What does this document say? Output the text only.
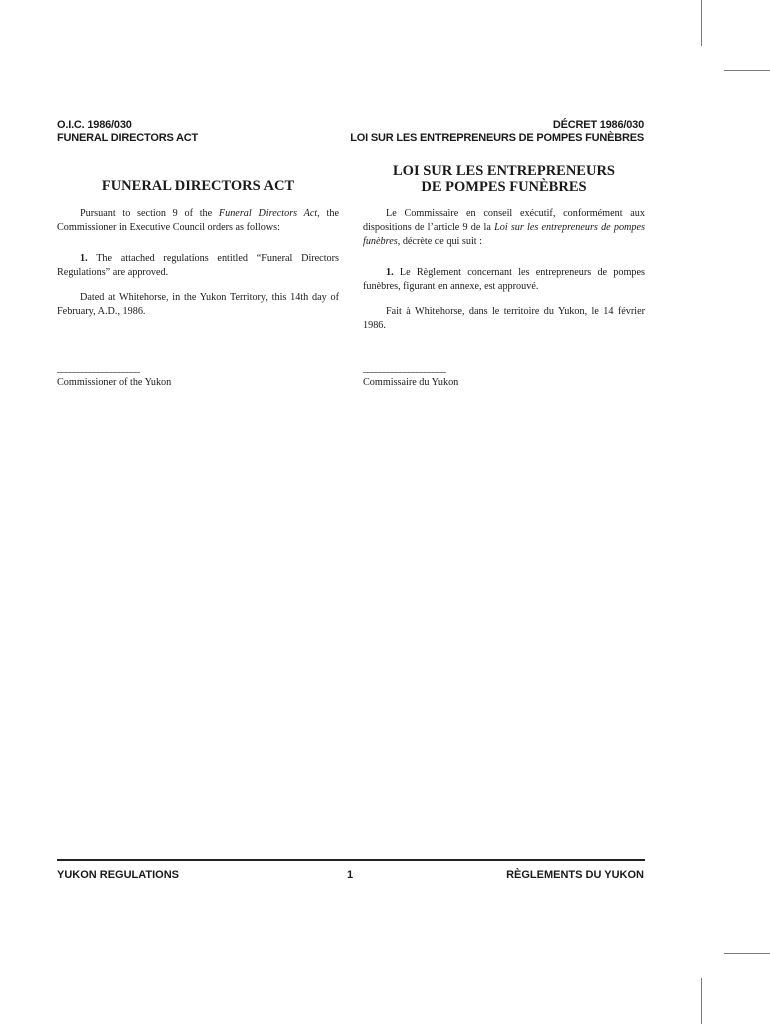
O.I.C. 1986/030
FUNERAL DIRECTORS ACT
DÉCRET 1986/030
LOI SUR LES ENTREPRENEURS DE POMPES FUNÈBRES
FUNERAL DIRECTORS ACT

Pursuant to section 9 of the Funeral Directors Act, the Commissioner in Executive Council orders as follows:

1. The attached regulations entitled “Funeral Directors Regulations” are approved.

Dated at Whitehorse, in the Yukon Territory, this 14th day of February, A.D., 1986.

____________________
Commissioner of the Yukon
LOI SUR LES ENTREPRENEURS
DE POMPES FUNÈBRES

Le Commissaire en conseil exécutif, conformément aux dispositions de l’article 9 de la Loi sur les entrepreneurs de pompes funèbres, décrète ce qui suit :

1. Le Règlement concernant les entrepreneurs de pompes funèbres, figurant en annexe, est approuvé.

Fait à Whitehorse, dans le territoire du Yukon, le 14 février 1986.

____________________
Commissaire du Yukon
YUKON REGULATIONS	1	RÈGLEMENTS DU YUKON
